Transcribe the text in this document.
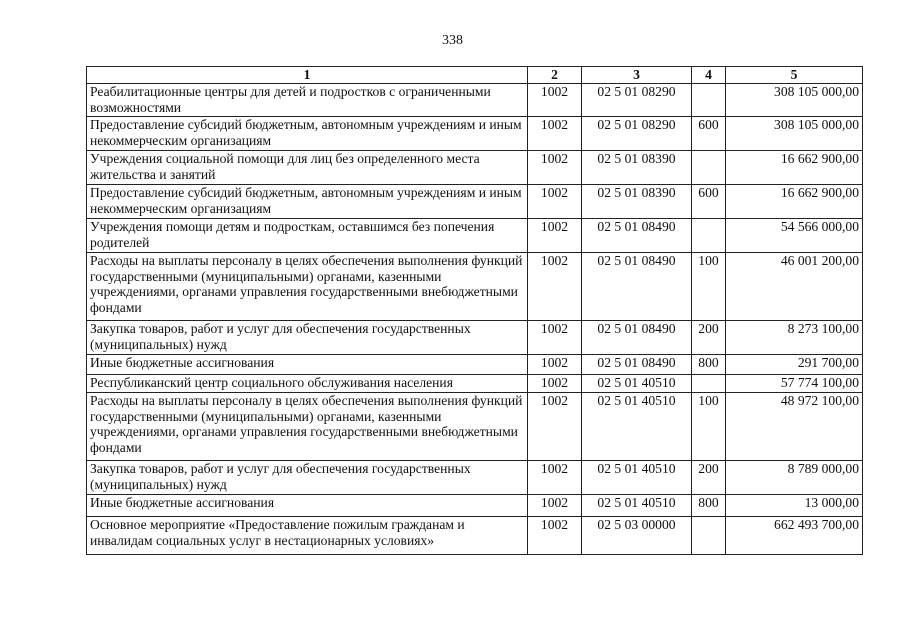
338
1	2	3	4	5
Реабилитационные центры для детей и подростков с ограниченными возможностями	1002	02 5 01 08290		308 105 000,00
Предоставление субсидий бюджетным, автономным учреждениям и иным некоммерческим организациям	1002	02 5 01 08290	600	308 105 000,00
Учреждения социальной помощи для лиц без определенного места жительства и занятий	1002	02 5 01 08390		16 662 900,00
Предоставление субсидий бюджетным, автономным учреждениям и иным некоммерческим организациям	1002	02 5 01 08390	600	16 662 900,00
Учреждения помощи детям и подросткам, оставшимся без попечения родителей	1002	02 5 01 08490		54 566 000,00
Расходы на выплаты персоналу в целях обеспечения выполнения функций государственными (муниципальными) органами, казенными учреждениями, органами управления государственными внебюджетными фондами	1002	02 5 01 08490	100	46 001 200,00
Закупка товаров, работ и услуг для обеспечения государственных (муниципальных) нужд	1002	02 5 01 08490	200	8 273 100,00
Иные бюджетные ассигнования	1002	02 5 01 08490	800	291 700,00
Республиканский центр социального обслуживания населения	1002	02 5 01 40510		57 774 100,00
Расходы на выплаты персоналу в целях обеспечения выполнения функций государственными (муниципальными) органами, казенными учреждениями, органами управления государственными внебюджетными фондами	1002	02 5 01 40510	100	48 972 100,00
Закупка товаров, работ и услуг для обеспечения государственных (муниципальных) нужд	1002	02 5 01 40510	200	8 789 000,00
Иные бюджетные ассигнования	1002	02 5 01 40510	800	13 000,00
Основное мероприятие «Предоставление пожилым гражданам и инвалидам социальных услуг в нестационарных условиях»	1002	02 5 03 00000		662 493 700,00
